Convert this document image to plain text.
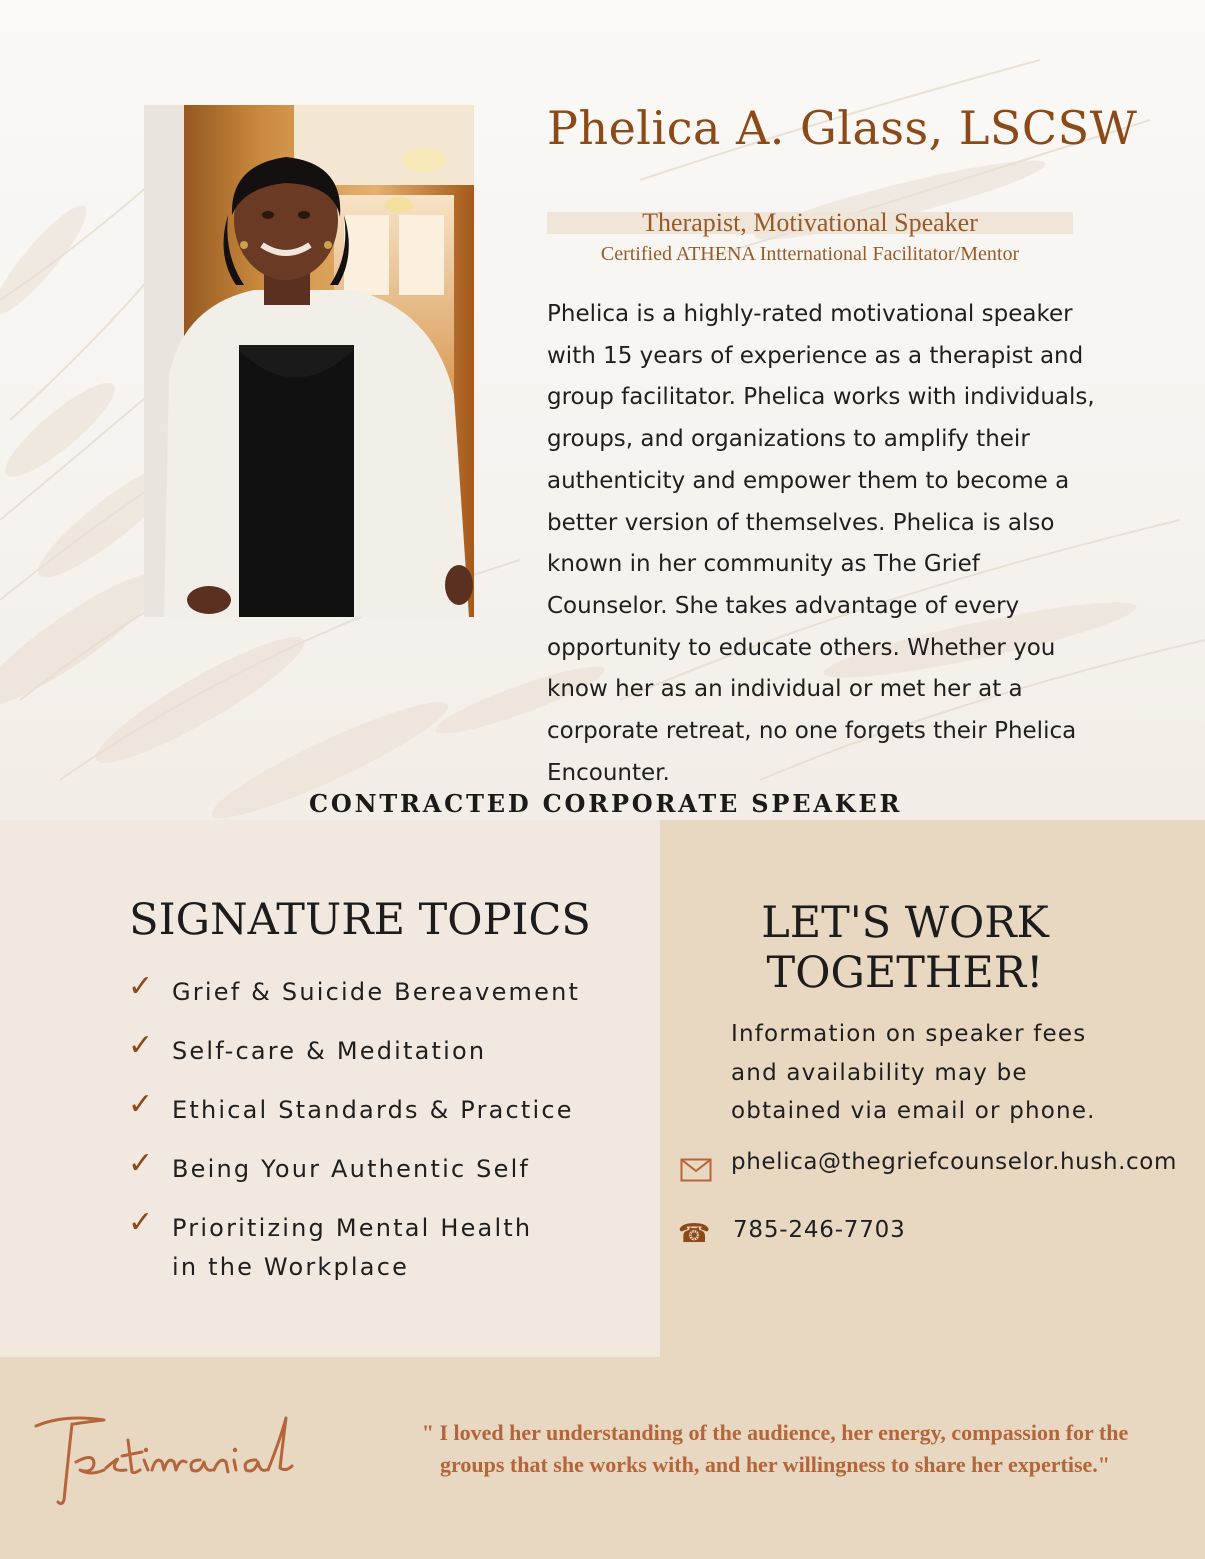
Phelica A. Glass, LSCSW
Therapist, Motivational Speaker
Certified ATHENA Intternational Facilitator/Mentor
Phelica is a highly-rated motivational speaker
with 15 years of experience as a therapist and
group facilitator. Phelica works with individuals,
groups, and organizations to amplify their
authenticity and empower them to become a
better version of themselves. Phelica is also
known in her community as The Grief
Counselor. She takes advantage of every
opportunity to educate others. Whether you
know her as an individual or met her at a
corporate retreat, no one forgets their Phelica
Encounter.
CONTRACTED CORPORATE SPEAKER
SIGNATURE TOPICS
✓ Grief & Suicide Bereavement
✓ Self-care & Meditation
✓ Ethical Standards & Practice
✓ Being Your Authentic Self
✓ Prioritizing Mental Health
in the Workplace
LET'S WORK
TOGETHER!
Information on speaker fees
and availability may be
obtained via email or phone.
phelica@thegriefcounselor.hush.com
☎ 785-246-7703
Testimonial
" I loved her understanding of the audience, her energy, compassion for the
groups that she works with, and her willingness to share her expertise."
